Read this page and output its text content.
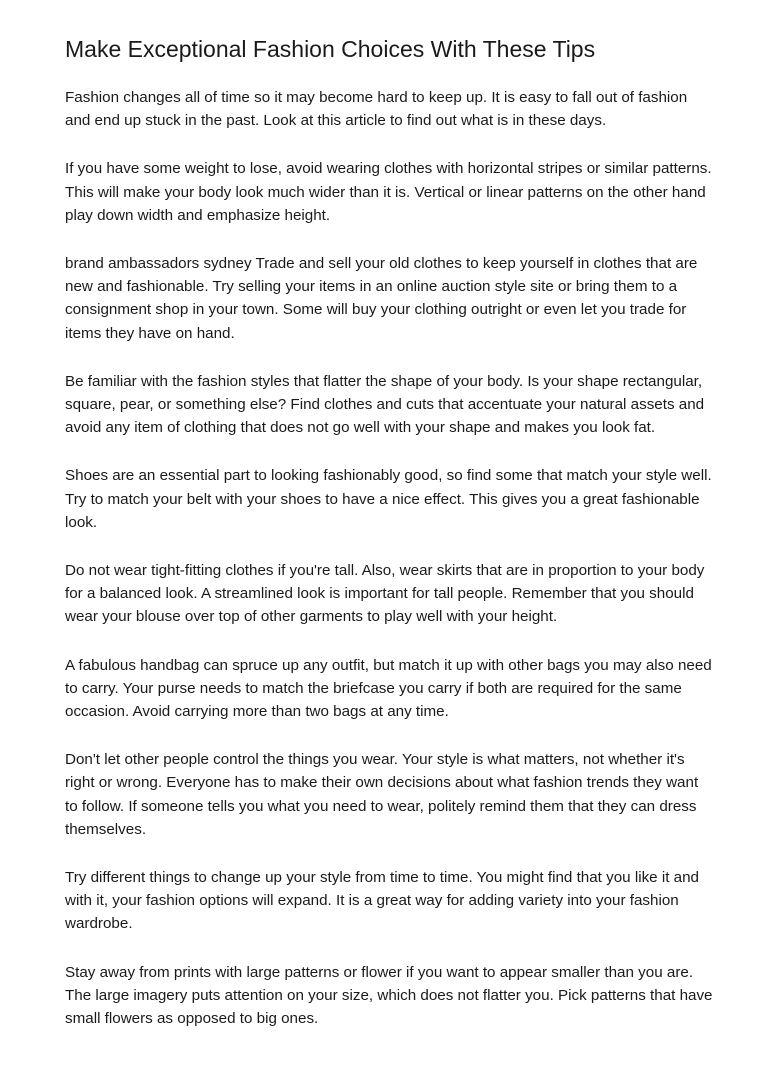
Make Exceptional Fashion Choices With These Tips

Fashion changes all of time so it may become hard to keep up. It is easy to fall out of fashion and end up stuck in the past. Look at this article to find out what is in these days.

If you have some weight to lose, avoid wearing clothes with horizontal stripes or similar patterns. This will make your body look much wider than it is. Vertical or linear patterns on the other hand play down width and emphasize height.

brand ambassadors sydney Trade and sell your old clothes to keep yourself in clothes that are new and fashionable. Try selling your items in an online auction style site or bring them to a consignment shop in your town. Some will buy your clothing outright or even let you trade for items they have on hand.

Be familiar with the fashion styles that flatter the shape of your body. Is your shape rectangular, square, pear, or something else? Find clothes and cuts that accentuate your natural assets and avoid any item of clothing that does not go well with your shape and makes you look fat.

Shoes are an essential part to looking fashionably good, so find some that match your style well. Try to match your belt with your shoes to have a nice effect. This gives you a great fashionable look.

Do not wear tight-fitting clothes if you're tall. Also, wear skirts that are in proportion to your body for a balanced look. A streamlined look is important for tall people. Remember that you should wear your blouse over top of other garments to play well with your height.

A fabulous handbag can spruce up any outfit, but match it up with other bags you may also need to carry. Your purse needs to match the briefcase you carry if both are required for the same occasion. Avoid carrying more than two bags at any time.

Don't let other people control the things you wear. Your style is what matters, not whether it's right or wrong. Everyone has to make their own decisions about what fashion trends they want to follow. If someone tells you what you need to wear, politely remind them that they can dress themselves.

Try different things to change up your style from time to time. You might find that you like it and with it, your fashion options will expand. It is a great way for adding variety into your fashion wardrobe.

Stay away from prints with large patterns or flower if you want to appear smaller than you are. The large imagery puts attention on your size, which does not flatter you. Pick patterns that have small flowers as opposed to big ones.
